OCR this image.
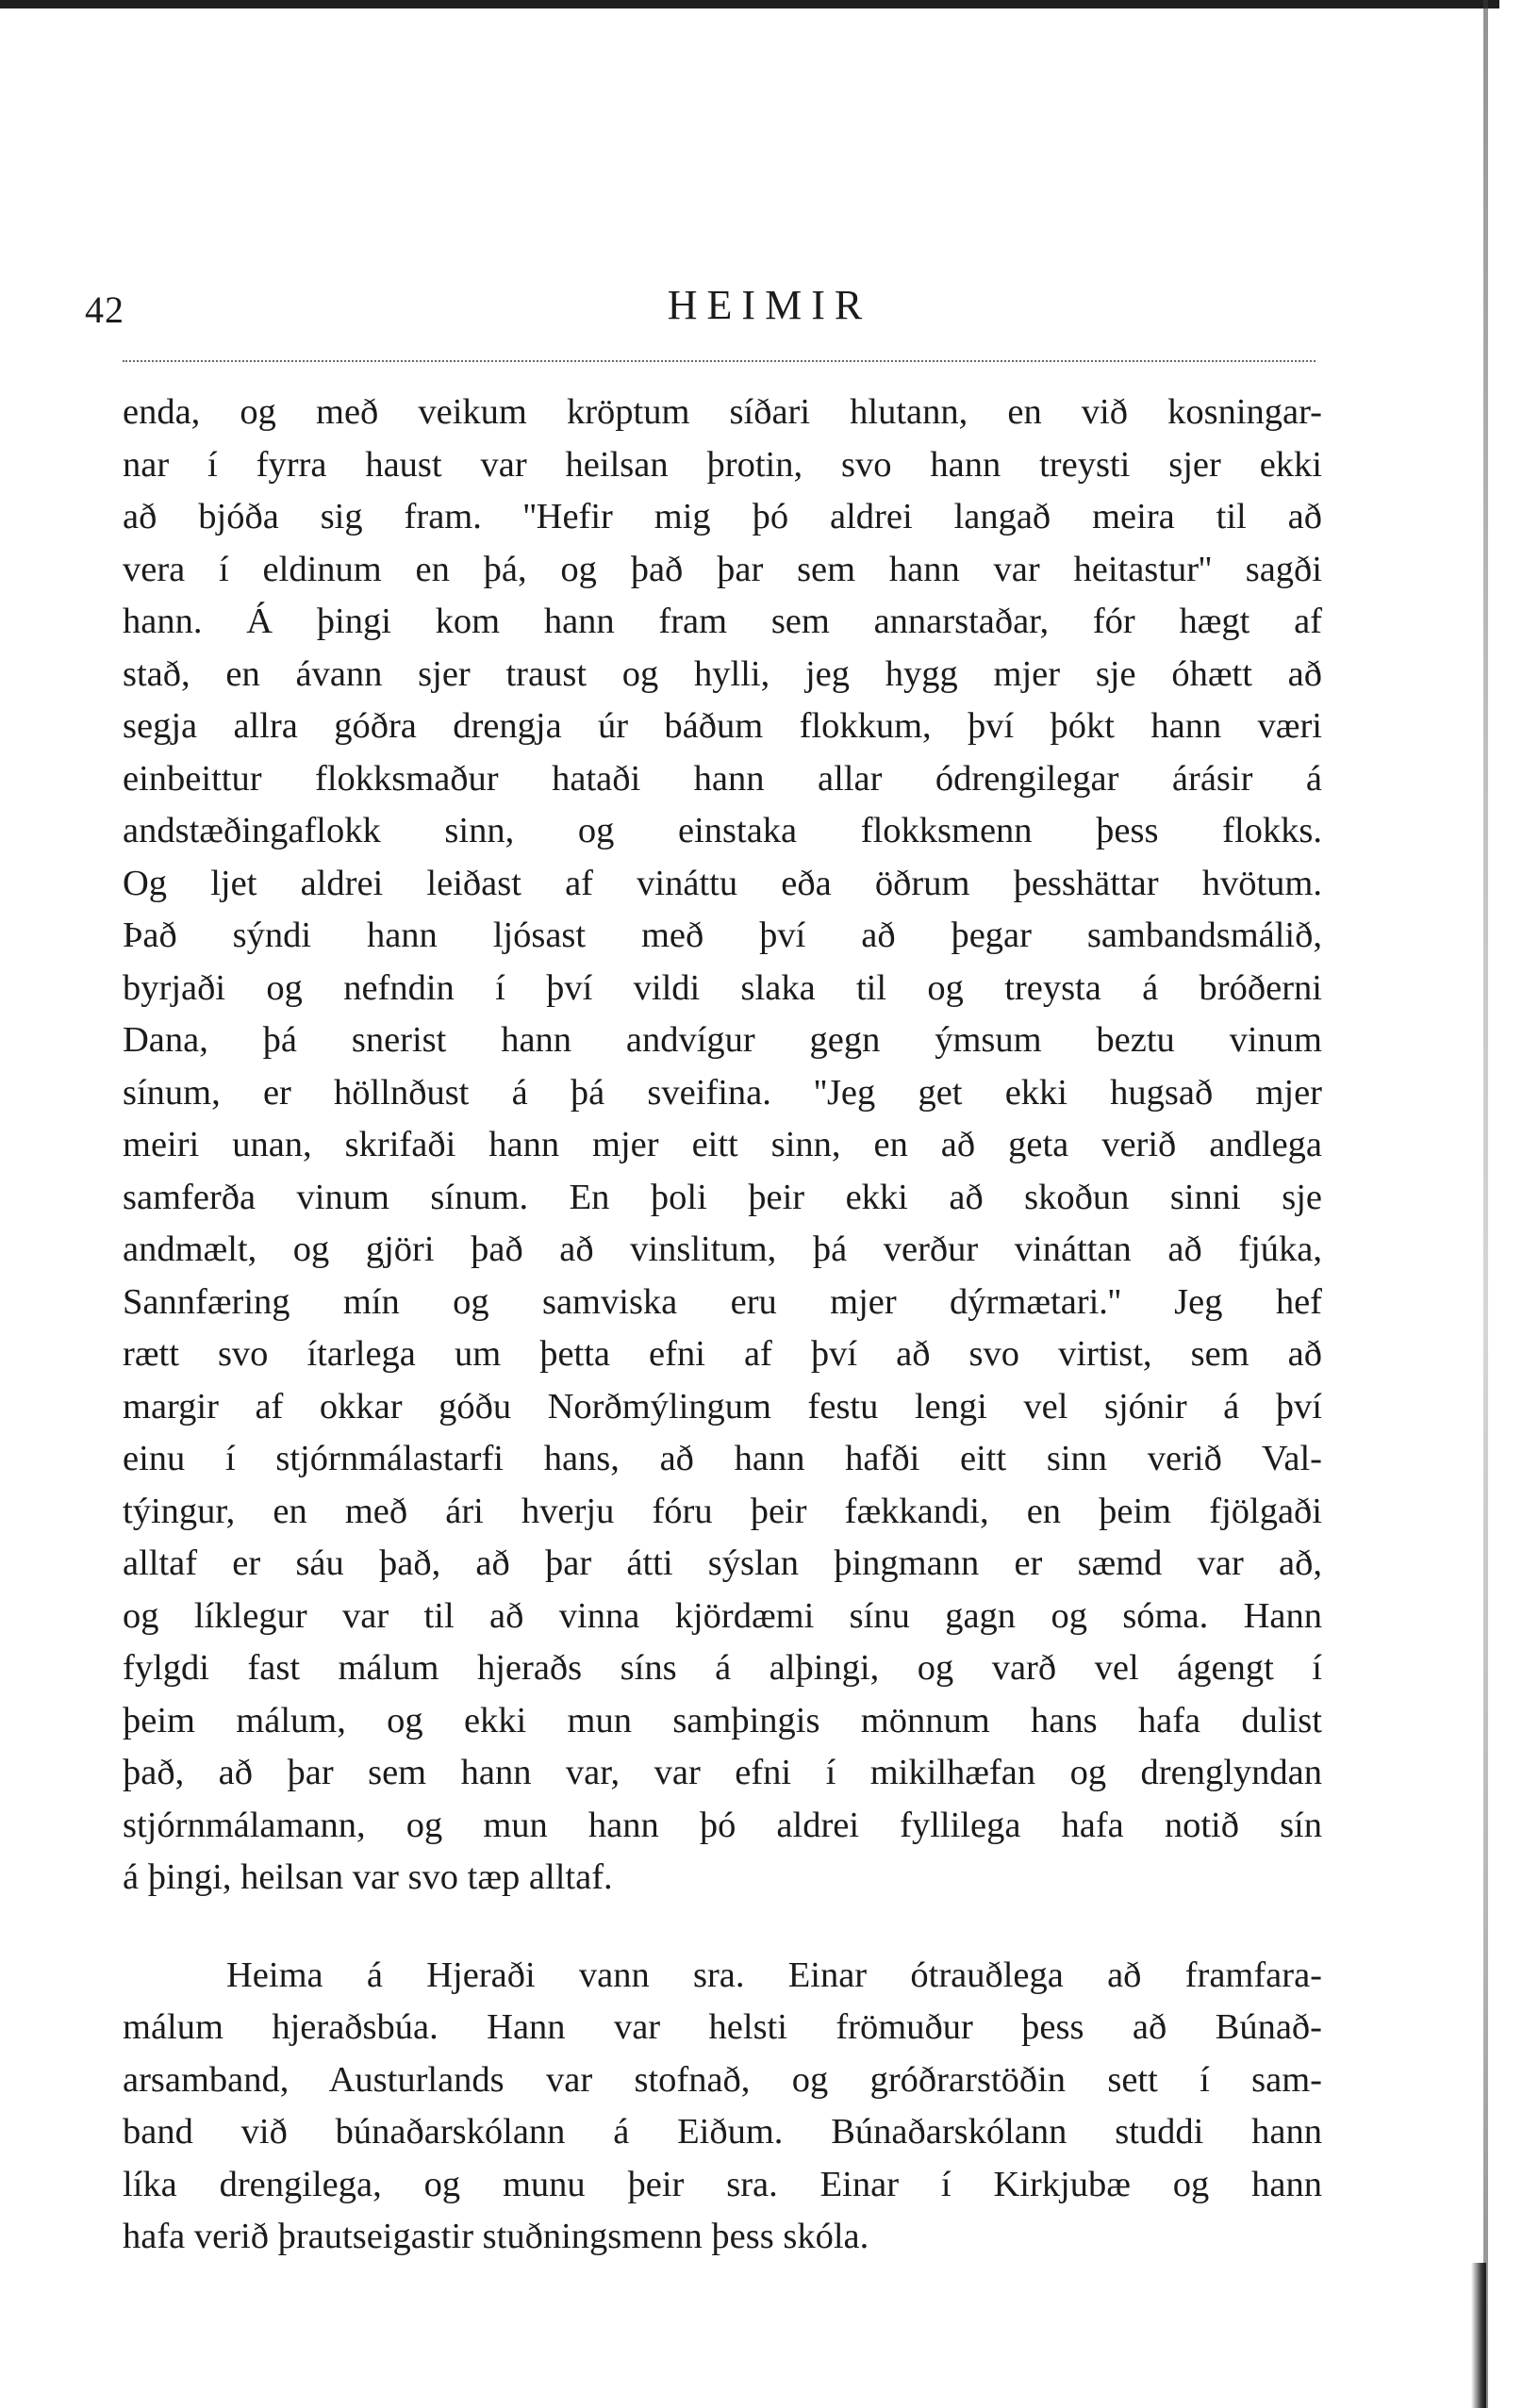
42	HEIMIR
enda, og með veikum kröptum síðari hlutann, en við kosningar-
nar í fyrra haust var heilsan þrotin, svo hann treysti sjer ekki
að bjóða sig fram. ''Hefir mig þó aldrei langað meira til að
vera í eldinum en þá, og það þar sem hann var heitastur'' sagði
hann. Á þingi kom hann fram sem annarstaðar, fór hægt af
stað, en ávann sjer traust og hylli, jeg hygg mjer sje óhætt að
segja allra góðra drengja úr báðum flokkum, því þókt hann væri
einbeittur flokksmaður hataði hann allar ódrengilegar árásir á
andstæðingaflokk sinn, og einstaka flokksmenn þess flokks.
Og ljet aldrei leiðast af vináttu eða öðrum þesshättar hvötum.
Það sýndi hann ljósast með því að þegar sambandsmálið,
byrjaði og nefndin í því vildi slaka til og treysta á bróðerni
Dana, þá snerist hann andvígur gegn ýmsum beztu vinum
sínum, er höllnðust á þá sveifina. ''Jeg get ekki hugsað mjer
meiri unan, skrifaði hann mjer eitt sinn, en að geta verið andlega
samferða vinum sínum. En þoli þeir ekki að skoðun sinni sje
andmælt, og gjöri það að vinslitum, þá verður vináttan að fjúka,
Sannfæring mín og samviska eru mjer dýrmætari.'' Jeg hef
rætt svo ítarlega um þetta efni af því að svo virtist, sem að
margir af okkar góðu Norðmýlingum festu lengi vel sjónir á því
einu í stjórnmálastarfi hans, að hann hafði eitt sinn verið Val-
týingur, en með ári hverju fóru þeir fækkandi, en þeim fjölgaði
alltaf er sáu það, að þar átti sýslan þingmann er sæmd var að,
og líklegur var til að vinna kjördæmi sínu gagn og sóma. Hann
fylgdi fast málum hjeraðs síns á alþingi, og varð vel ágengt í
þeim málum, og ekki mun samþingis mönnum hans hafa dulist
það, að þar sem hann var, var efni í mikilhæfan og drenglyndan
stjórnmálamann, og mun hann þó aldrei fyllilega hafa notið sín
á þingi, heilsan var svo tæp alltaf.
Heima á Hjeraði vann sra. Einar ótrauðlega að framfara-
málum hjeraðsbúa. Hann var helsti frömuður þess að Búnað-
arsamband, Austurlands var stofnað, og gróðrarstöðin sett í sam-
band við búnaðarskólann á Eiðum. Búnaðarskólann studdi hann
líka drengilega, og munu þeir sra. Einar í Kirkjubæ og hann
hafa verið þrautseigastir stuðningsmenn þess skóla.
